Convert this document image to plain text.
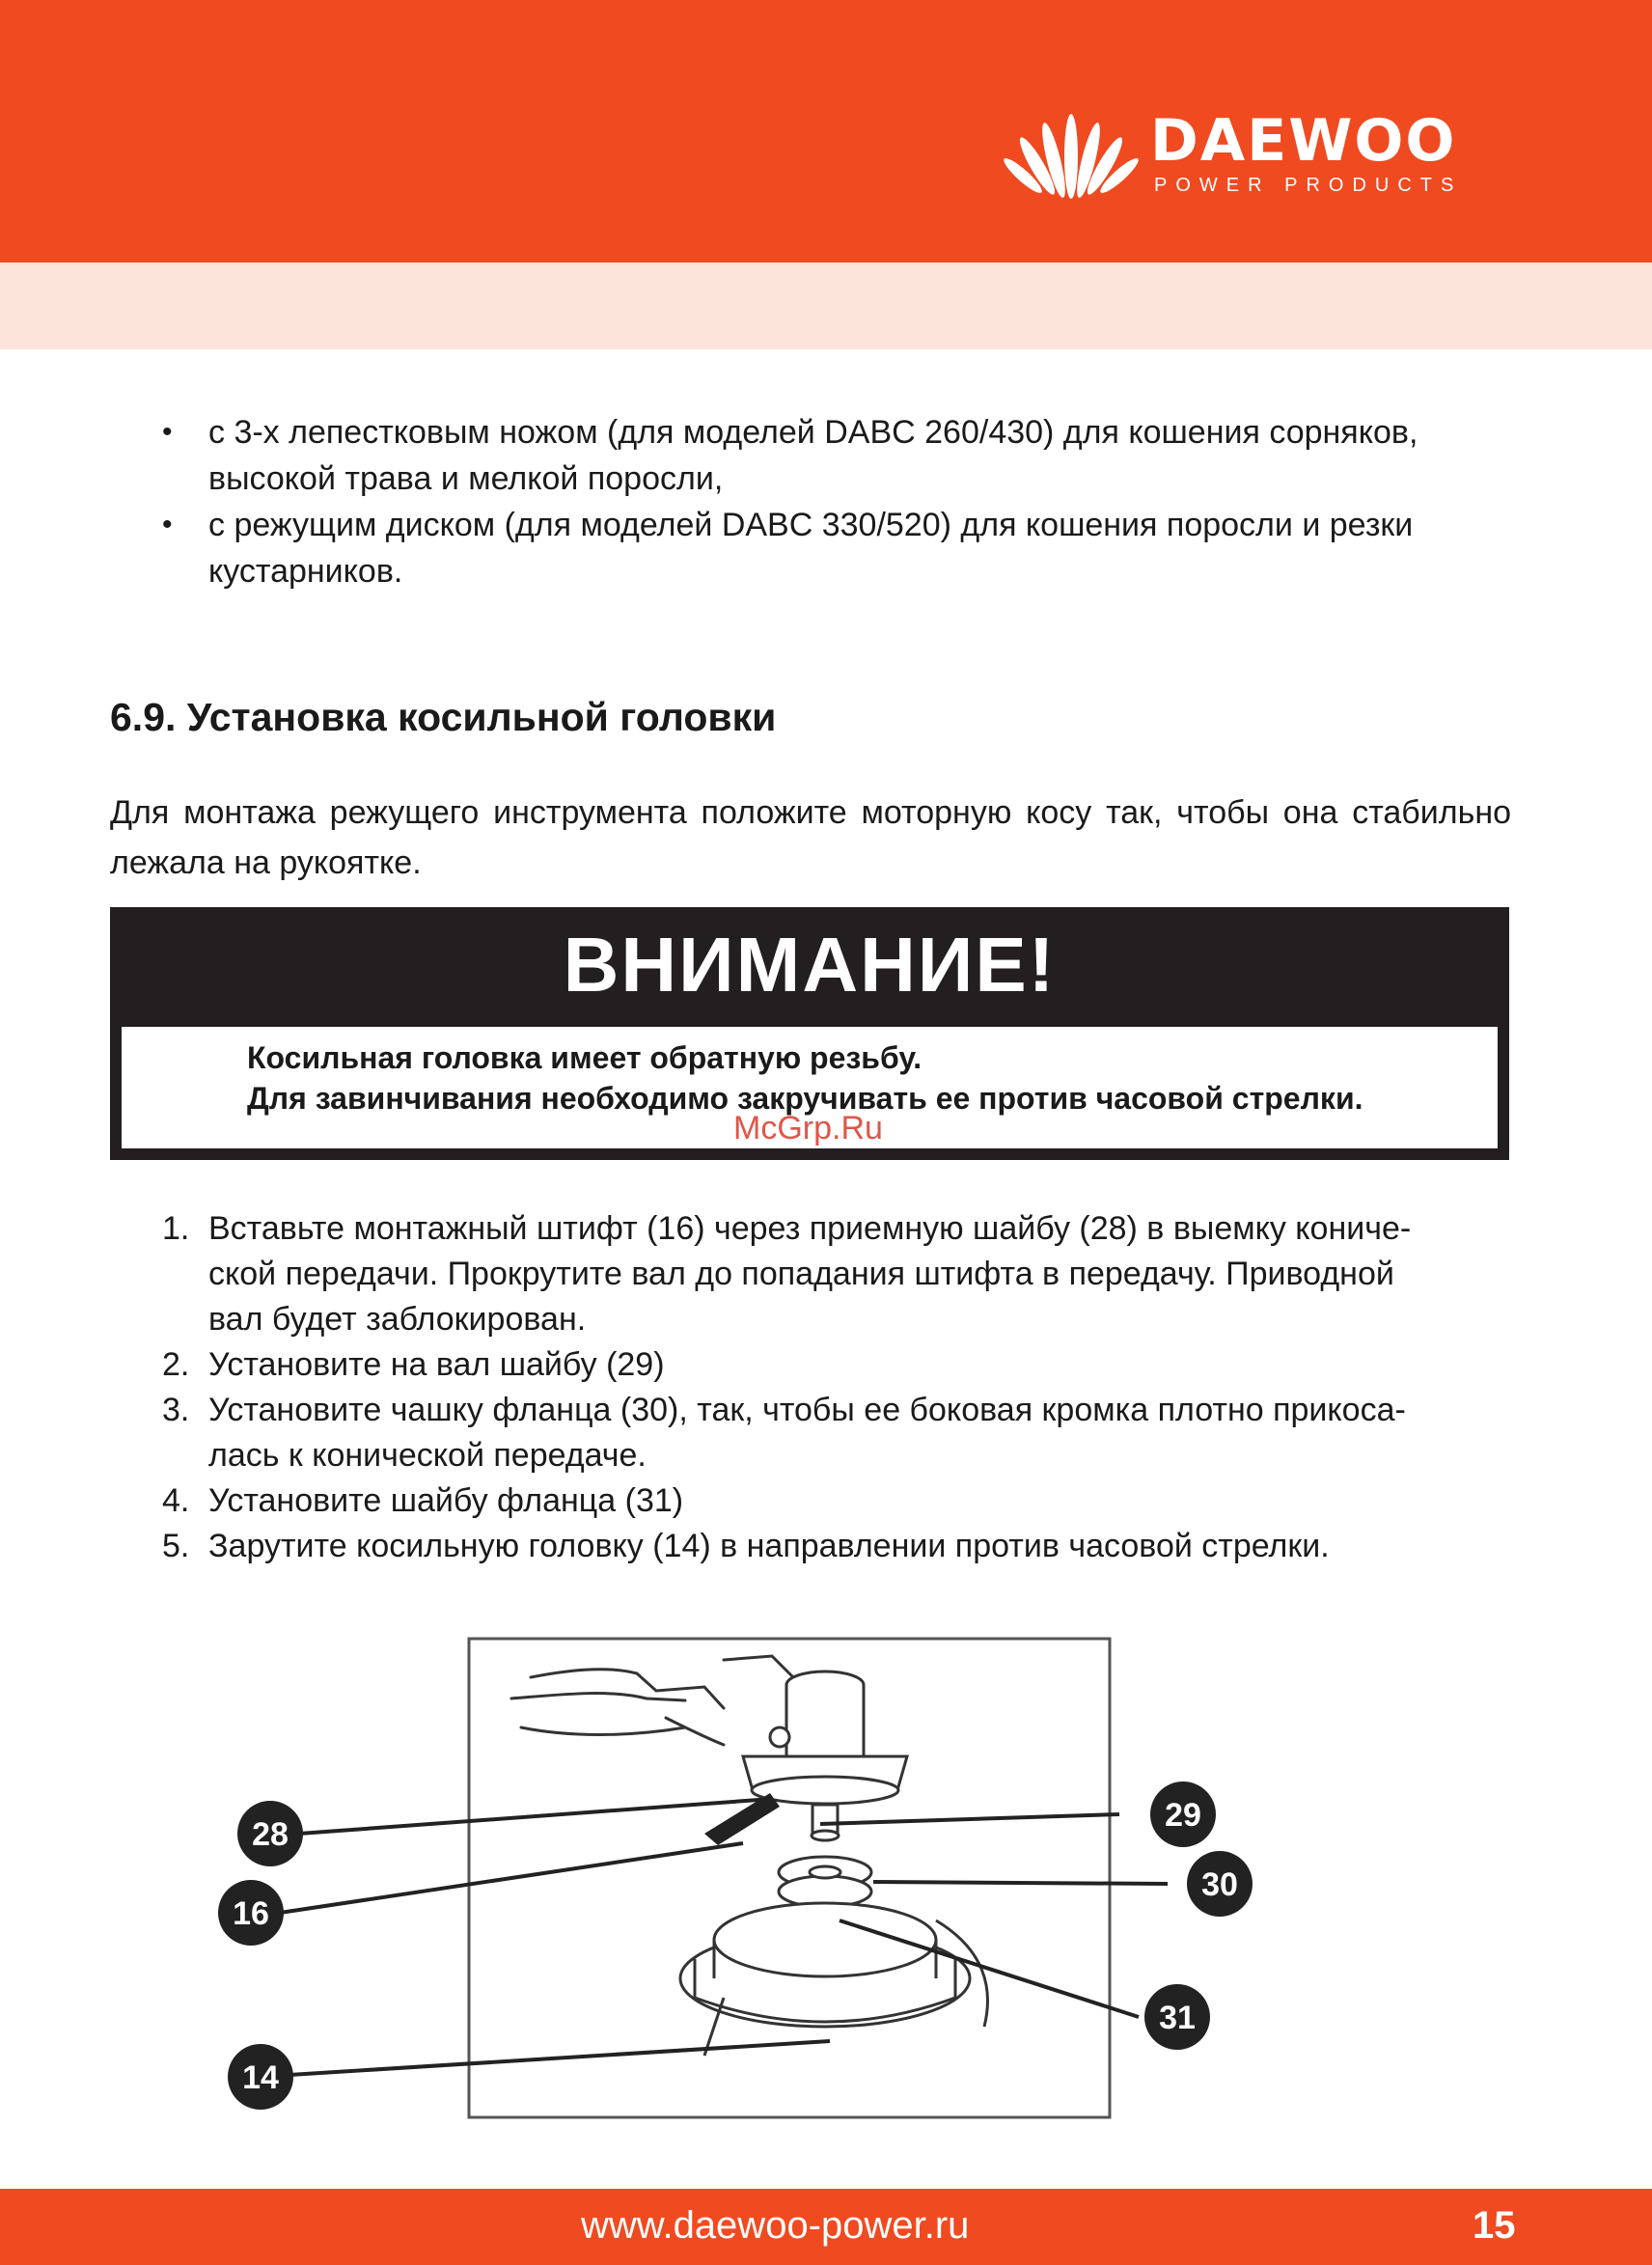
DAEWOO
POWER PRODUCTS
• с 3-х лепестковым ножом (для моделей DABC 260/430) для кошения сорняков,
высокой трава и мелкой поросли,
• с режущим диском (для моделей DABC 330/520) для кошения поросли и резки
кустарников.
6.9. Установка косильной головки

Для монтажа режущего инструмента положите моторную косу так, чтобы она стабильно лежала на рукоятке.

ВНИМАНИЕ!
Косильная головка имеет обратную резьбу.
Для завинчивания необходимо закручивать ее против часовой стрелки.
McGrp.Ru
1. Вставьте монтажный штифт (16) через приемную шайбу (28) в выемку кониче-
ской передачи. Прокрутите вал до попадания штифта в передачу. Приводной
вал будет заблокирован.
2. Установите на вал шайбу (29)
3. Установите чашку фланца (30), так, чтобы ее боковая кромка плотно прикоса-
лась к конической передаче.
4. Установите шайбу фланца (31)
5. Зарутите косильную головку (14) в направлении против часовой стрелки.
28
16
14
29
30
31
www.daewoo-power.ru	15
